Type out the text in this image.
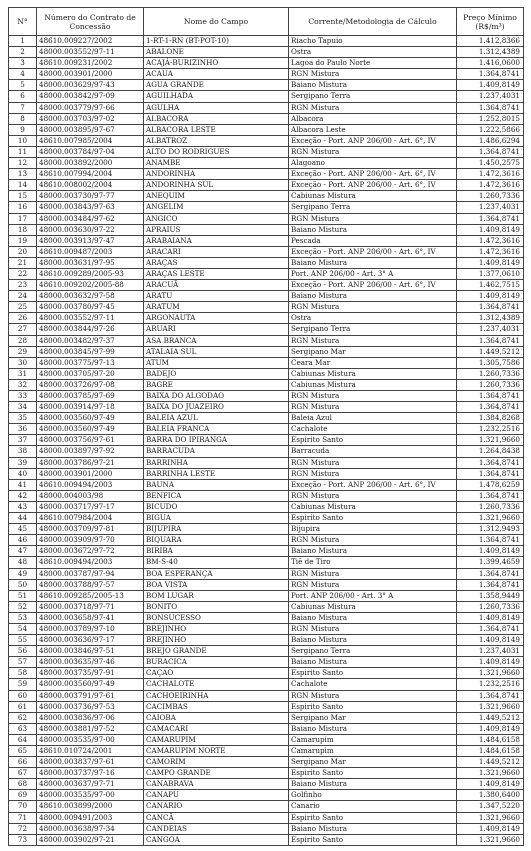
N°	Número do Contrato de Concessão	Nome do Campo	Corrente/Metodologia de Cálculo	Preço Mínimo (R$/m³)
1	48610.009227/2002	1-RT-1-RN (BT-POT-10)	Riacho Tapuio	1.412,8366
2	48000.003552/97-11	ABALONE	Ostra	1.312,4389
3	48610.009231/2002	ACAJÁ-BURIZINHO	Lagoa do Paulo Norte	1.416,0600
4	48000.003901/2000	ACAUA	RGN Mistura	1.364,8741
5	48000.003629/97-43	AGUA GRANDE	Baiano Mistura	1.409,8149
6	48000.003842/97-09	AGUILHADA	Sergipano Terra	1.237,4031
7	48000.003779/97-66	AGULHA	RGN Mistura	1.364,8741
8	48000.003703/97-02	ALBACORA	Albacora	1.252,8015
9	48000.003895/97-67	ALBACORA LESTE	Albacora Leste	1.222,5866
10	48610.007985/2004	ALBATROZ	Exceção - Port. ANP 206/00 - Art. 6°, IV	1.486,6294
11	48000.003784/97-04	ALTO DO RODRIGUES	RGN Mistura	1.364,8741
12	48000.003892/2000	ANAMBE	Alagoano	1.450,2575
13	48610.007994/2004	ANDORINHA	Exceção - Port. ANP 206/00 - Art. 6°, IV	1.472,3616
14	48610.008002/2004	ANDORINHA SUL	Exceção - Port. ANP 206/00 - Art. 6°, IV	1.472,3616
15	48000.003730/97-77	ANEQUIM	Cabiunas Mistura	1.260,7336
16	48000.003843/97-63	ANGELIM	Sergipano Terra	1.237,4031
17	48000.003484/97-62	ANGICO	RGN Mistura	1.364,8741
18	48000.003630/97-22	APRAIUS	Baiano Mistura	1.409,8149
19	48000.003913/97-47	ARABAIANA	Pescada	1.472,3616
20	48610.009487/2003	ARACARI	Exceção - Port. ANP 206/00 - Art. 6°, IV	1.472,3616
21	48000.003631/97-95	ARAÇAS	Baiano Mistura	1.409,8149
22	48610.009289/2005-93	ARAÇAS LESTE	Port. ANP 206/00 - Art. 3° A	1.377,0610
23	48610.009202/2005-88	ARACUÃ	Exceção - Port. ANP 206/00 - Art. 6°, IV	1.462,7515
24	48000.003632/97-58	ARATU	Baiano Mistura	1.409,8149
25	48000.003780/97-45	ARATUM	RGN Mistura	1.364,8741
26	48000.003552/97-11	ARGONAUTA	Ostra	1.312,4389
27	48000.003844/97-26	ARUARI	Sergipano Terra	1.237,4031
28	48000.003482/97-37	ASA BRANCA	RGN Mistura	1.364,8741
29	48000.003845/97-99	ATALAIA SUL	Sergipano Mar	1.449,5212
30	48000.003775/97-13	ATUM	Ceara Mar	1.305,7586
31	48000.003705/97-20	BADEJO	Cabiunas Mistura	1.260,7336
32	48000.003726/97-08	BAGRE	Cabiunas Mistura	1.260,7336
33	48000.003785/97-69	BAIXA DO ALGODAO	RGN Mistura	1.364,8741
34	48000.003914/97-18	BAIXA DO JUAZEIRO	RGN Mistura	1.364,8741
35	48000.003560/97-49	BALEIA AZUL	Baleia Azul	1.384,8268
36	48000.003560/97-49	BALEIA FRANCA	Cachalote	1.232,2516
37	48000.003756/97-61	BARRA DO IPIRANGA	Espirito Santo	1.321,9660
38	48000.003897/97-92	BARRACUDA	Barracuda	1.264,8438
39	48000.003786/97-21	BARRINHA	RGN Mistura	1.364,8741
40	48000.003901/2000	BARRINHA LESTE	RGN Mistura	1.364,8741
41	48610.009494/2003	BAUNA	Exceção - Port. ANP 206/00 - Art. 6°, IV	1.478,6259
42	48000.004003/98	BENFICA	RGN Mistura	1.364,8741
43	48000.003717/97-17	BICUDO	Cabiunas Mistura	1.260,7336
44	48610.007984/2004	BIGUA	Espirito Santo	1.321,9660
45	48000.003709/97-81	BIJUPIRA	Bijupira	1.312,9493
46	48000.003909/97-70	BIQUARA	RGN Mistura	1.364,8741
47	48000.003672/97-72	BIRIBA	Baiano Mistura	1.409,8149
48	48610.009494/2003	BM-S-40	Tiê de Tiro	1.399,4659
49	48000.003787/97-94	BOA ESPERANÇA	RGN Mistura	1.364,8741
50	48000.003788/97-57	BOA VISTA	RGN Mistura	1.364,8741
51	48610.009285/2005-13	BOM LUGAR	Port. ANP 206/00 - Art. 3° A	1.358,9449
52	48000.003718/97-71	BONITO	Cabiunas Mistura	1.260,7336
53	48000.003658/97-41	BONSUCESSO	Baiano Mistura	1.409,8149
54	48000.003789/97-10	BREJINHO	RGN Mistura	1.364,8741
55	48000.003636/97-17	BREJINHO	Baiano Mistura	1.409,8149
56	48000.003846/97-51	BREJO GRANDE	Sergipano Terra	1.237,4031
57	48000.003635/97-46	BURACICA	Baiano Mistura	1.409,8149
58	48000.003735/97-91	CAÇAO	Espirito Santo	1.321,9660
59	48000.003560/97-49	CACHALOTE	Cachalote	1.232,2516
60	48000.003791/97-61	CACHOEIRINHA	RGN Mistura	1.364,8741
61	48000.003736/97-53	CACIMBAS	Espirito Santo	1.321,9660
62	48000.003836/97-06	CAIOBA	Sergipano Mar	1.449,5212
63	48000.003881/97-52	CAMACARI	Baiano Mistura	1.409,8149
64	48000.003535/97-00	CAMARUPIM	Camarupim	1.484,6158
65	48610.010724/2001	CAMARUPIM NORTE	Camarupim	1.484,6158
66	48000.003837/97-61	CAMORIM	Sergipano Mar	1.449,5212
67	48000.003737/97-16	CAMPO GRANDE	Espirito Santo	1.321,9660
68	48000.003637/97-71	CANABRAVA	Baiano Mistura	1.409,8149
69	48000.003535/97-00	CANAPU	Golfinho	1.380,6400
70	48610.003899/2000	CANARIO	Canario	1.347,5220
71	48000.009491/2003	CANCÃ	Espirito Santo	1.321,9660
72	48000.003638/97-34	CANDEIAS	Baiano Mistura	1.409,8149
73	48000.003902/97-21	CANGOA	Espirito Santo	1.321,9660
